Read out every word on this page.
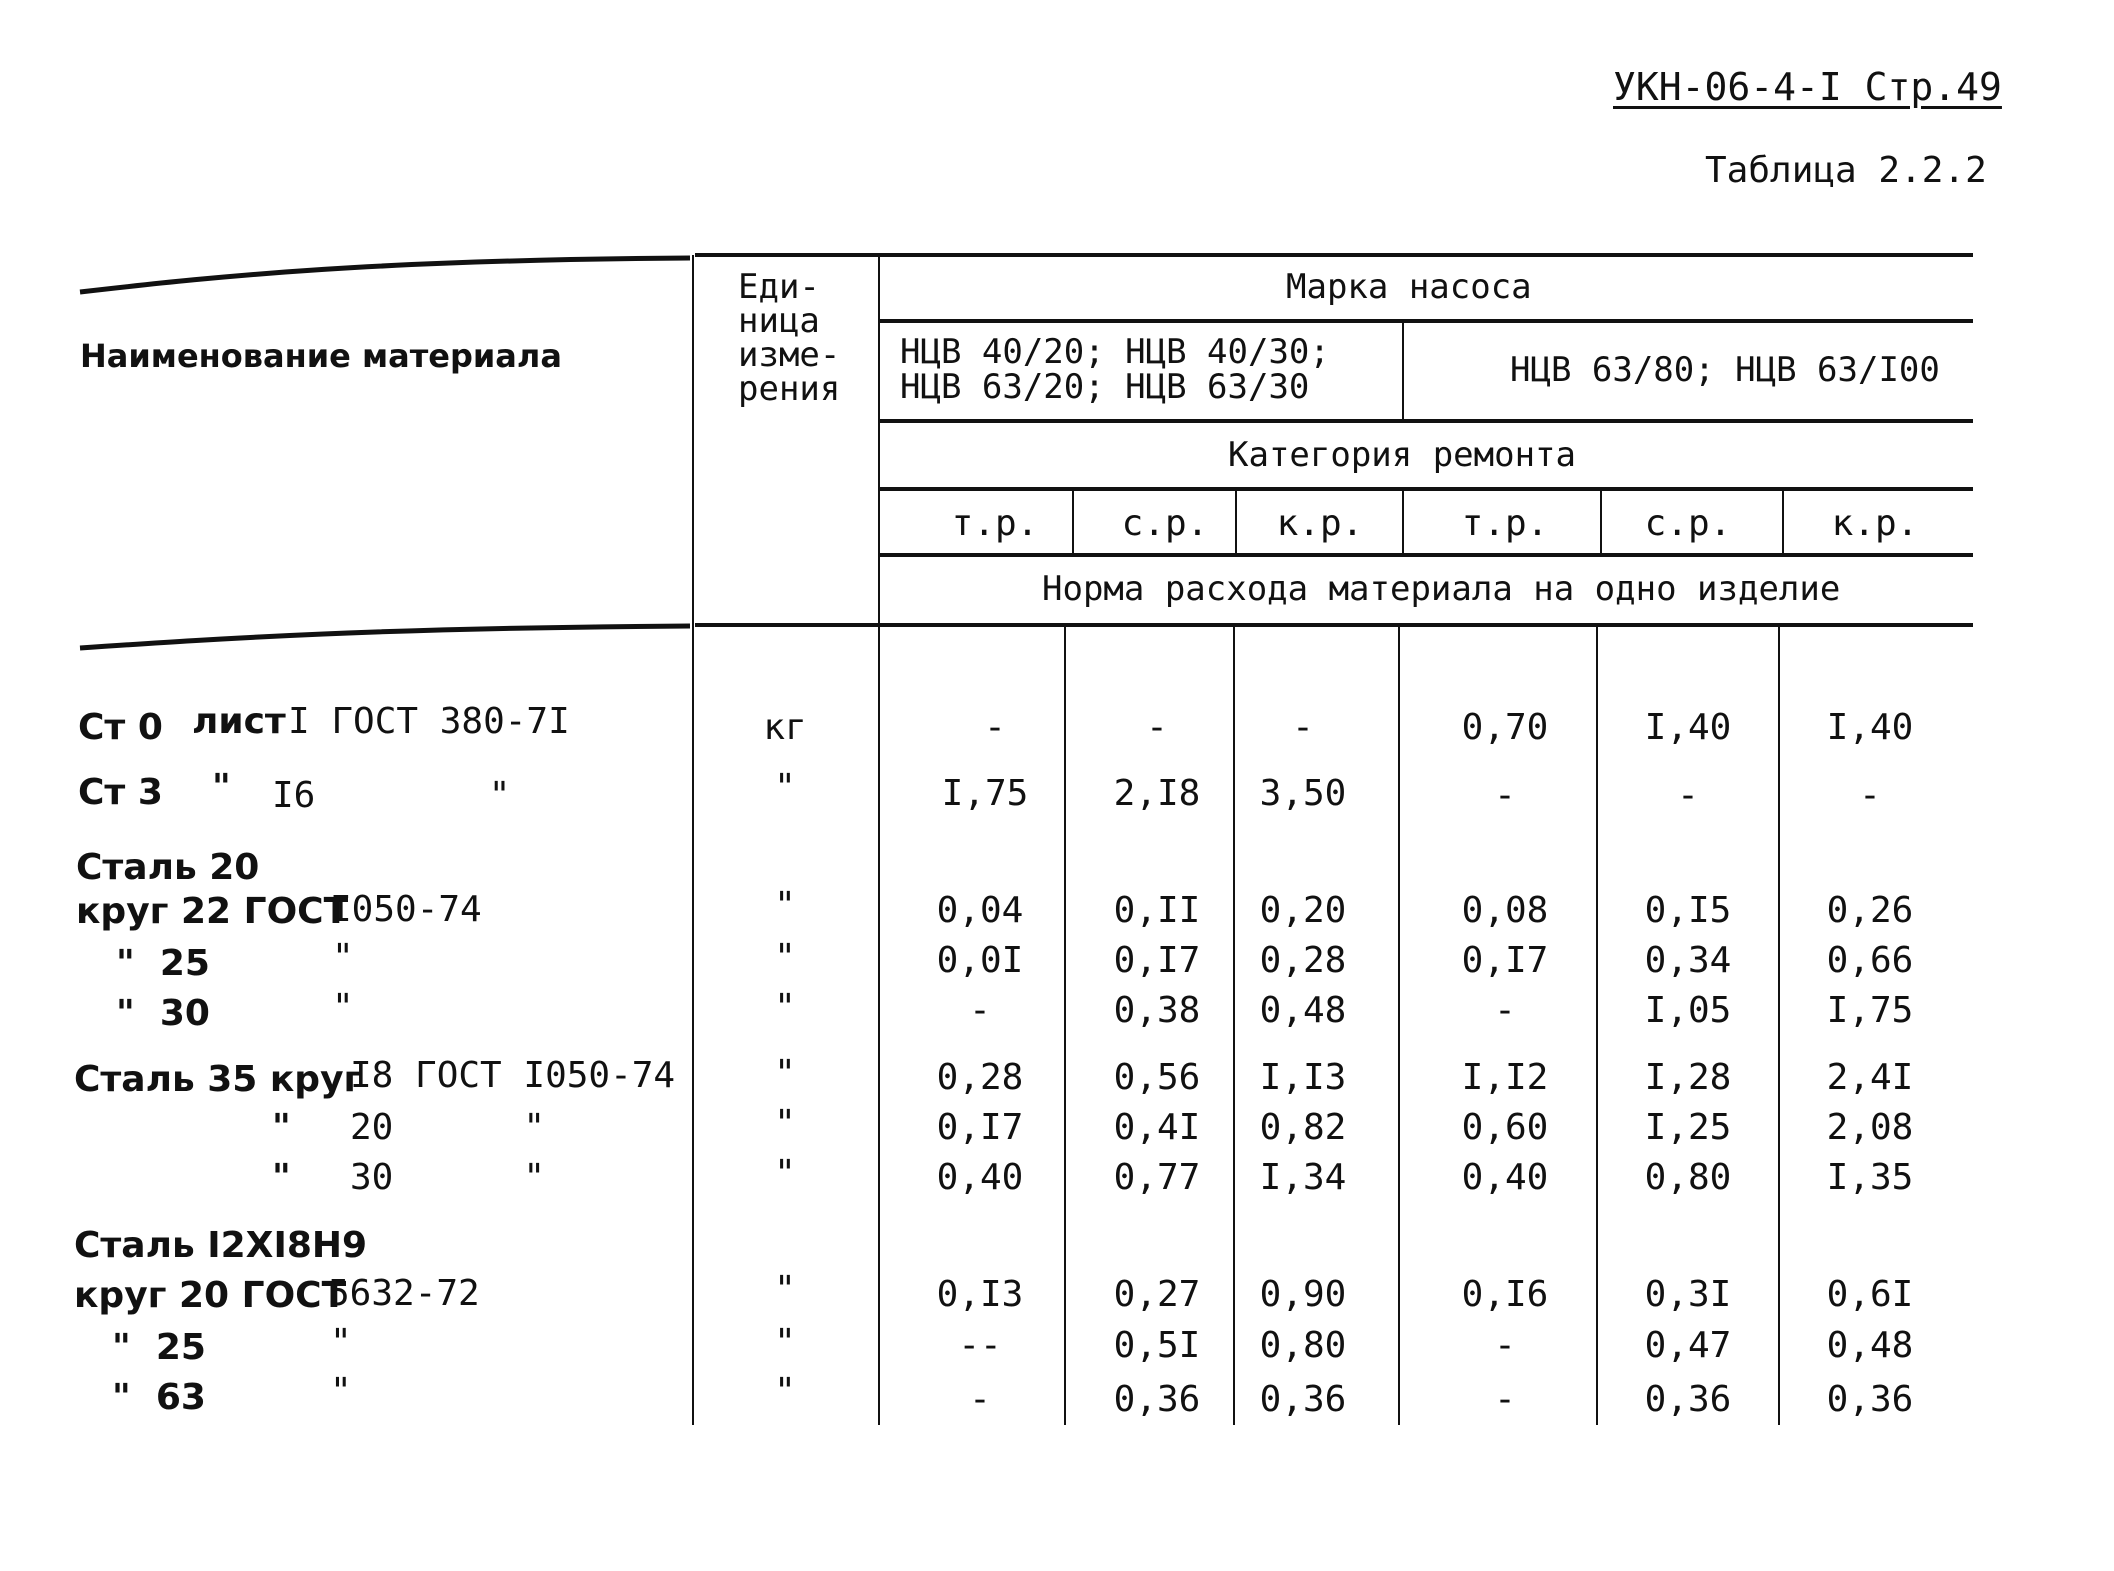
УКН-06-4-I Стр.49
Таблица 2.2.2
Наименование материала
Еди-
ница
изме-
рения
Марка насоса
НЦВ 40/20; НЦВ 40/30;
НЦВ 63/20; НЦВ 63/30	НЦВ 63/80; НЦВ 63/I00
Категория ремонта
т.р.	с.р.	к.р.	т.р.	с.р.	к.р.
Норма расхода материала на одно изделие
Ст 0 лист I ГОСТ 380-7I	кг	-	-	-	0,70	I,40	I,40
Ст 3 " I6        "	"	I,75	2,I8	3,50	-	-	-
Сталь 20
круг 22 ГОСТ
I050-74	"	0,04	0,II	0,20	0,08	0,I5	0,26
"  25	"	"	0,0I	0,I7	0,28	0,I7	0,34	0,66
"  30	"	"	-	0,38	0,48	-	I,05	I,75
Сталь 35 круг
I8 ГОСТ I050-74	"	0,28	0,56	I,I3	I,I2	I,28	2,4I
" 20      "	"	0,I7	0,4I	0,82	0,60	I,25	2,08
" 30      "	"	0,40	0,77	I,34	0,40	0,80	I,35
Сталь I2XI8H9
круг 20 ГОСТ
5632-72	"	0,I3	0,27	0,90	0,I6	0,3I	0,6I
"  25	"	"	--	0,5I	0,80	-	0,47	0,48
"  63	"	"	-	0,36	0,36	-	0,36	0,36
